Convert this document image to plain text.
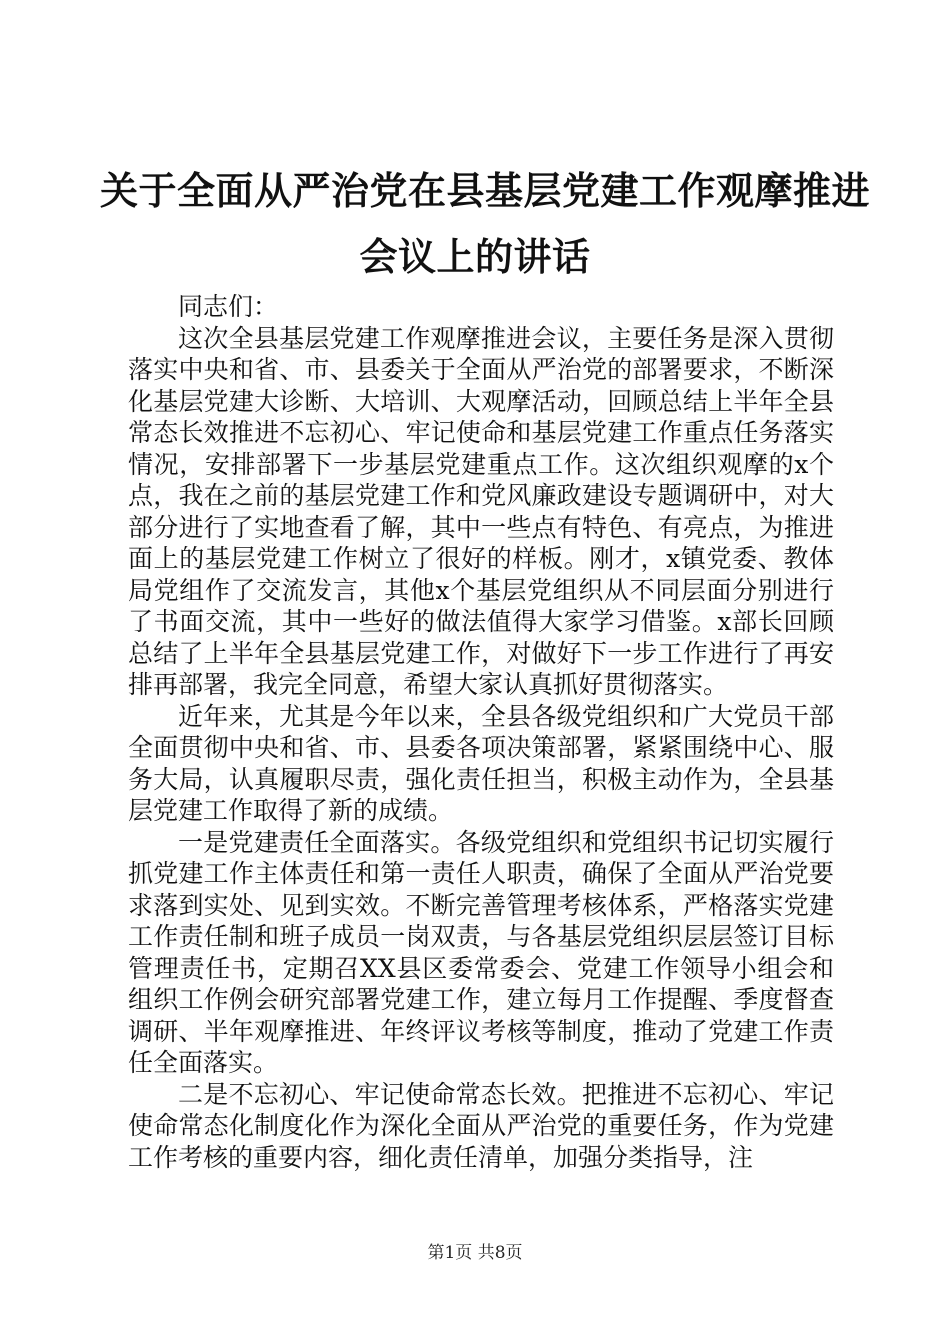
关于全面从严治党在县基层党建工作观摩推进
会议上的讲话

同志们：

这次全县基层党建工作观摩推进会议，主要任务是深入贯彻落实中央和省、市、县委关于全面从严治党的部署要求，不断深化基层党建大诊断、大培训、大观摩活动，回顾总结上半年全县常态长效推进不忘初心、牢记使命和基层党建工作重点任务落实情况，安排部署下一步基层党建重点工作。这次组织观摩的x个点，我在之前的基层党建工作和党风廉政建设专题调研中，对大部分进行了实地查看了解，其中一些点有特色、有亮点，为推进面上的基层党建工作树立了很好的样板。刚才，x镇党委、教体局党组作了交流发言，其他x个基层党组织从不同层面分别进行了书面交流，其中一些好的做法值得大家学习借鉴。x部长回顾总结了上半年全县基层党建工作，对做好下一步工作进行了再安排再部署，我完全同意，希望大家认真抓好贯彻落实。

近年来，尤其是今年以来，全县各级党组织和广大党员干部全面贯彻中央和省、市、县委各项决策部署，紧紧围绕中心、服务大局，认真履职尽责，强化责任担当，积极主动作为，全县基层党建工作取得了新的成绩。

一是党建责任全面落实。各级党组织和党组织书记切实履行抓党建工作主体责任和第一责任人职责，确保了全面从严治党要求落到实处、见到实效。不断完善管理考核体系，严格落实党建工作责任制和班子成员一岗双责，与各基层党组织层层签订目标管理责任书，定期召XX县区委常委会、党建工作领导小组会和组织工作例会研究部署党建工作，建立每月工作提醒、季度督查调研、半年观摩推进、年终评议考核等制度，推动了党建工作责任全面落实。

二是不忘初心、牢记使命常态长效。把推进不忘初心、牢记使命常态化制度化作为深化全面从严治党的重要任务，作为党建工作考核的重要内容，细化责任清单，加强分类指导，注

第1页 共8页
